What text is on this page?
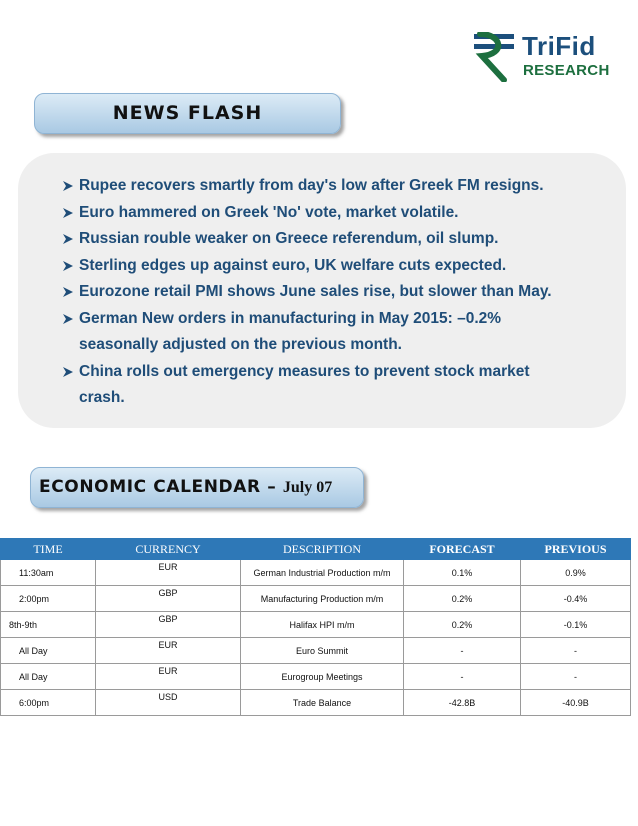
TriFid
RESEARCH
NEWS FLASH
Rupee recovers smartly from day's low after Greek FM resigns.
Euro hammered on Greek 'No' vote, market volatile.
Russian rouble weaker on Greece referendum, oil slump.
Sterling edges up against euro, UK welfare cuts expected.
Eurozone retail PMI shows June sales rise, but slower than May.
German New orders in manufacturing in May 2015: –0.2% seasonally adjusted on the previous month.
China rolls out emergency measures to prevent stock market crash.
ECONOMIC CALENDAR – July 07
TIME	CURRENCY	DESCRIPTION	FORECAST	PREVIOUS
11:30am	EUR	German Industrial Production m/m	0.1%	0.9%
2:00pm	GBP	Manufacturing Production m/m	0.2%	-0.4%
8th-9th	GBP	Halifax HPI m/m	0.2%	-0.1%
All Day	EUR	Euro Summit	-	-
All Day	EUR	Eurogroup Meetings	-	-
6:00pm	USD	Trade Balance	-42.8B	-40.9B
